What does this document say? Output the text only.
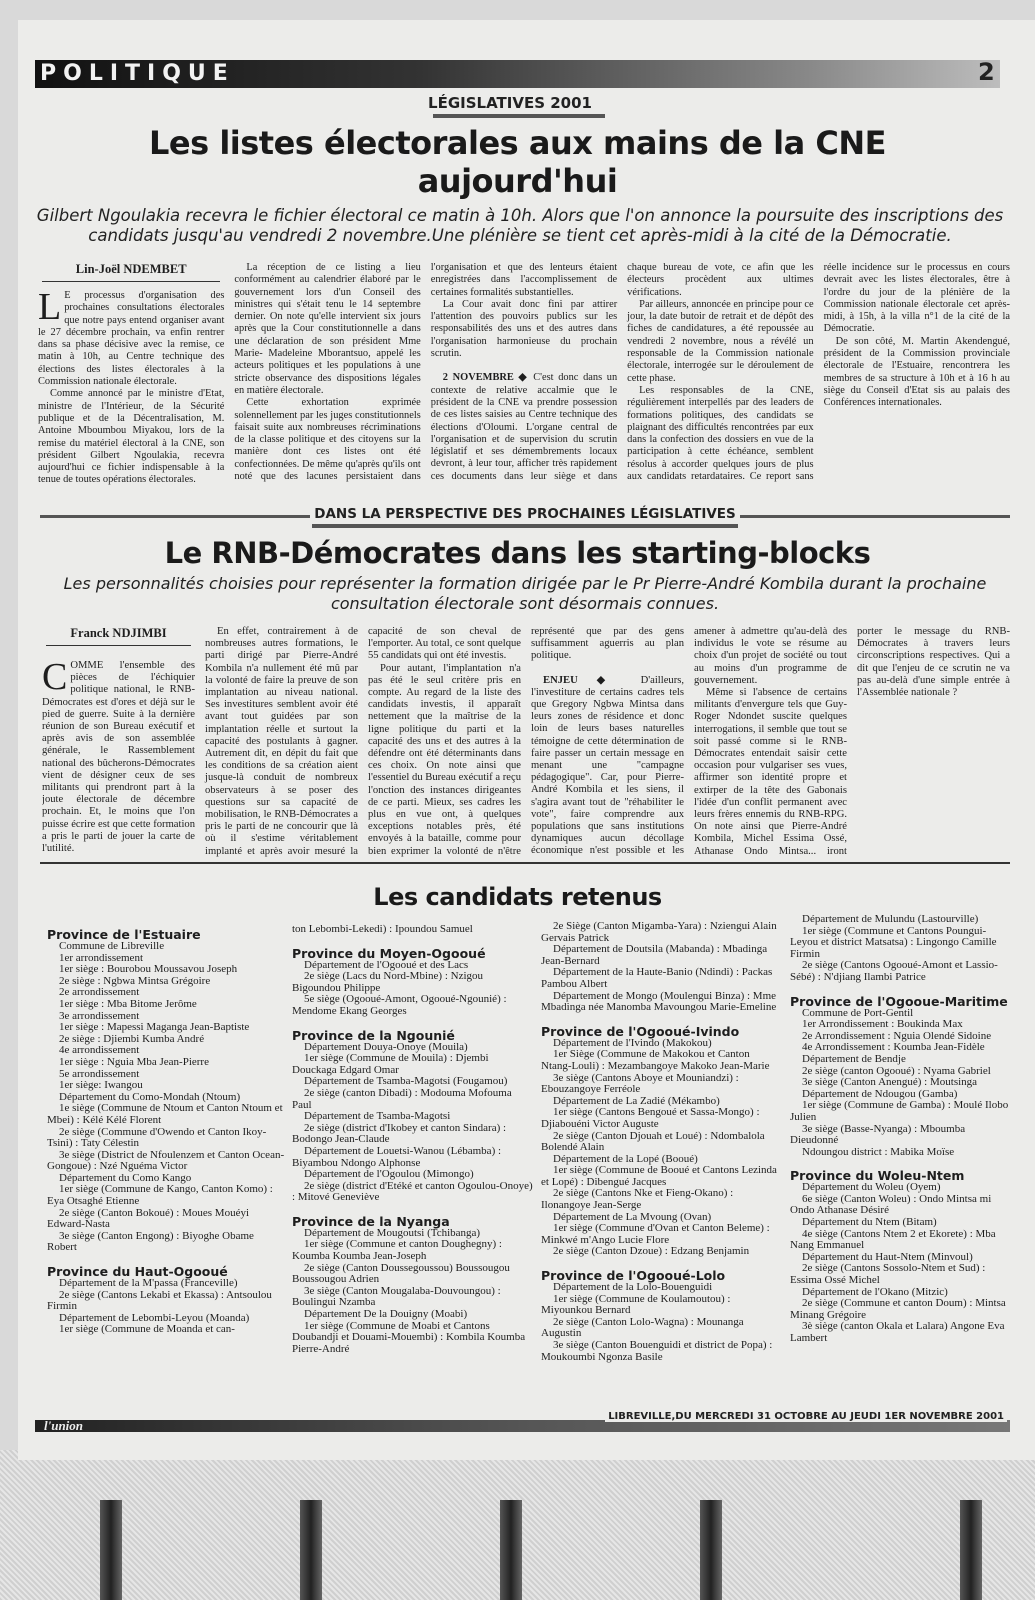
POLITIQUE	2
LÉGISLATIVES 2001
Les listes électorales aux mains de la CNE
aujourd'hui
Gilbert Ngoulakia recevra le fichier électoral ce matin à 10h. Alors que l'on annonce la poursuite des inscriptions des candidats jusqu'au vendredi 2 novembre.Une plénière se tient cet après-midi à la cité de la Démocratie.
Lin-Joël NDEMBET

L E processus d'organisation des prochaines consultations électorales que notre pays entend organiser avant le 27 décembre prochain, va enfin rentrer dans sa phase décisive avec la remise, ce matin à 10h, au Centre technique des élections des listes électorales à la Commission nationale électorale.

Comme annoncé par le ministre d'Etat, ministre de l'Intérieur, de la Sécurité publique et de la Décentralisation, M. Antoine Mboumbou Miyakou, lors de la remise du matériel électoral à la CNE, son président Gilbert Ngoulakia, recevra aujourd'hui ce fichier indispensable à la tenue de toutes opérations électorales.

La réception de ce listing a lieu conformément au calendrier élaboré par le gouvernement lors d'un Conseil des ministres qui s'était tenu le 14 septembre dernier. On note qu'elle intervient six jours après que la Cour constitutionnelle a dans une déclaration de son président Mme Marie- Madeleine Mborantsuo, appelé les acteurs politiques et les populations à une stricte observance des dispositions légales en matière électorale.

Cette exhortation exprimée solennellement par les juges constitutionnels faisait suite aux nombreuses récriminations de la classe politique et des citoyens sur la manière dont ces listes ont été confectionnées. De même qu'après qu'ils ont noté que des lacunes persistaient dans l'organisation et que des lenteurs étaient enregistrées dans l'accomplissement de certaines formalités substantielles.

La Cour avait donc fini par attirer l'attention des pouvoirs publics sur les responsabilités des uns et des autres dans l'organisation harmonieuse du prochain scrutin.

2 NOVEMBRE ◆ C'est donc dans un contexte de relative accalmie que le président de la CNE va prendre possession de ces listes saisies au Centre technique des élections d'Oloumi. L'organe central de l'organisation et de supervision du scrutin législatif et ses démembrements locaux devront, à leur tour, afficher très rapidement ces documents dans leur siège et dans chaque bureau de vote, ce afin que les électeurs procèdent aux ultimes vérifications.

Par ailleurs, annoncée en principe pour ce jour, la date butoir de retrait et de dépôt des fiches de candidatures, a été repoussée au vendredi 2 novembre, nous a révélé un responsable de la Commission nationale électorale, interrogée sur le déroulement de cette phase.

Les responsables de la CNE, régulièrement interpellés par des leaders de formations politiques, des candidats se plaignant des difficultés rencontrées par eux dans la confection des dossiers en vue de la participation à cette échéance, semblent résolus à accorder quelques jours de plus aux candidats retardataires. Ce report sans réelle incidence sur le processus en cours devrait avec les listes électorales, être à l'ordre du jour de la plénière de la Commission nationale électorale cet après-midi, à 15h, à la villa n°1 de la cité de la Démocratie.

De son côté, M. Martin Akendengué, président de la Commission provinciale électorale de l'Estuaire, rencontrera les membres de sa structure à 10h et à 16 h au siège du Conseil d'Etat sis au palais des Conférences internationales.

DANS LA PERSPECTIVE DES PROCHAINES LÉGISLATIVES
Le RNB-Démocrates dans les starting-blocks
Les personnalités choisies pour représenter la formation dirigée par le Pr Pierre-André Kombila durant la prochaine consultation électorale sont désormais connues.
Franck NDJIMBI

COMME l'ensemble des pièces de l'échiquier politique national, le RNB-Démocrates est d'ores et déjà sur le pied de guerre. Suite à la dernière réunion de son Bureau exécutif et après avis de son assemblée générale, le Rassemblement national des bûcherons-Démocrates vient de désigner ceux de ses militants qui prendront part à la joute électorale de décembre prochain. Et, le moins que l'on puisse écrire est que cette formation a pris le parti de jouer la carte de l'utilité.

En effet, contrairement à de nombreuses autres formations, le parti dirigé par Pierre-André Kombila n'a nullement été mû par la volonté de faire la preuve de son implantation au niveau national. Ses investitures semblent avoir été avant tout guidées par son implantation réelle et surtout la capacité des postulants à gagner. Autrement dit, en dépit du fait que les conditions de sa création aient jusque-là conduit de nombreux observateurs à se poser des questions sur sa capacité de mobilisation, le RNB-Démocrates a pris le parti de ne concourir que là où il s'estime véritablement implanté et après avoir mesuré la capacité de son cheval de l'emporter. Au total, ce sont quelque 55 candidats qui ont été investis.

Pour autant, l'implantation n'a pas été le seul critère pris en compte. Au regard de la liste des candidats investis, il apparaît nettement que la maîtrise de la ligne politique du parti et la capacité des uns et des autres à la défendre ont été déterminants dans ces choix. On note ainsi que l'essentiel du Bureau exécutif a reçu l'onction des instances dirigeantes de ce parti. Mieux, ses cadres les plus en vue ont, à quelques exceptions notables près, été envoyés à la bataille, comme pour bien exprimer la volonté de n'être représenté que par des gens suffisamment aguerris au plan politique.

ENJEU ◆ D'ailleurs, l'investiture de certains cadres tels que Gregory Ngbwa Mintsa dans leurs zones de résidence et donc loin de leurs bases naturelles témoigne de cette détermination de faire passer un certain message en menant une "campagne pédagogique". Car, pour Pierre-André Kombila et les siens, il s'agira avant tout de "réhabiliter le vote", faire comprendre aux populations que sans institutions dynamiques aucun décollage économique n'est possible et les amener à admettre qu'au-delà des individus le vote se résume au choix d'un projet de société ou tout au moins d'un programme de gouvernement.

Même si l'absence de certains militants d'envergure tels que Guy-Roger Ndondet suscite quelques interrogations, il semble que tout se soit passé comme si le RNB-Démocrates entendait saisir cette occasion pour vulgariser ses vues, affirmer son identité propre et extirper de la tête des Gabonais l'idée d'un conflit permanent avec leurs frères ennemis du RNB-RPG. On note ainsi que Pierre-André Kombila, Michel Essima Ossé, Athanase Ondo Mintsa... iront porter le message du RNB-Démocrates à travers leurs circonscriptions respectives. Qui a dit que l'enjeu de ce scrutin ne va pas au-delà d'une simple entrée à l'Assemblée nationale ?

Les candidats retenus
Province de l'Estuaire
Commune de Libreville
1er arrondissement
1er siège : Bourobou Moussavou Joseph
2e siège : Ngbwa Mintsa Grégoire
2e arrondissement
1er siège : Mba Bitome Jerôme
3e arrondissement
1er siège : Mapessi Maganga Jean-Baptiste
2e siège : Djiembi Kumba André
4e arrondissement
1er siège : Nguia Mba Jean-Pierre
5e arrondissement
1er siège: Iwangou
Département du Como-Mondah (Ntoum)
1e siège (Commune de Ntoum et Canton Ntoum et Mbei) : Kélé Kélé Florent
2e siège (Commune d'Owendo et Canton Ikoy-Tsini) : Taty Célestin
3e siège (District de Nfoulenzem et Canton Ocean-Gongoue) : Nzé Nguéma Victor
Département du Como Kango
1er siège (Commune de Kango, Canton Komo) : Eya Otsaghé Etienne
2e siège (Canton Bokoué) : Moues Mouéyi Edward-Nasta
3e siège (Canton Engong) : Biyoghe Obame Robert
Province du Haut-Ogooué
Département de la M'passa (Franceville)
2e siège (Cantons Lekabi et Ekassa) : Antsoulou Firmin
Département de Lebombi-Leyou (Moanda)
1er siège (Commune de Moanda et can-
ton Lebombi-Lekedi) : Ipoundou Samuel
Province du Moyen-Ogooué
Département de l'Ogooué et des Lacs
2e siège (Lacs du Nord-Mbine) : Nzigou Bigoundou Philippe
5e siège (Ogooué-Amont, Ogooué-Ngounié) : Mendome Ekang Georges
Province de la Ngounié
Département Douya-Onoye (Mouila)
1er siège (Commune de Mouila) : Djembi Douckaga Edgard Omar
Département de Tsamba-Magotsi (Fougamou)
2e siège (canton Dibadi) : Modouma Mofouma Paul
Département de Tsamba-Magotsi
2e siège (district d'Ikobey et canton Sindara) : Bodongo Jean-Claude
Département de Louetsi-Wanou (Lébamba) : Biyambou Ndongo Alphonse
Département de l'Ogoulou (Mimongo)
2e siège (district d'Etéké et canton Ogoulou-Onoye) : Mitové Geneviève
Province de la Nyanga
Département de Mougoutsi (Tchibanga)
1er siège (Commune et canton Doughegny) : Koumba Koumba Jean-Joseph
2e siège (Canton Doussegoussou) Boussougou Boussougou Adrien
3e siège (Canton Mougalaba-Douvoungou) : Boulingui Nzamba
Département De la Douigny (Moabi)
1er siège (Commune de Moabi et Cantons Doubandji et Douami-Mouembi) : Kombila Koumba Pierre-André
2e Siège (Canton Migamba-Yara) : Nziengui Alain Gervais Patrick
Département de Doutsila (Mabanda) : Mbadinga Jean-Bernard
Département de la Haute-Banio (Ndindi) : Packas Pambou Albert
Département de Mongo (Moulengui Binza) : Mme Mbadinga née Manomba Mavoungou Marie-Emeline
Province de l'Ogooué-Ivindo
Département de l'Ivindo (Makokou)
1er Siège (Commune de Makokou et Canton Ntang-Louli) : Mezambangoye Makoko Jean-Marie
3e siège (Cantons Aboye et Mouniandzi) : Ebouzangoye Ferréole
Département de La Zadié (Mékambo)
1er siège (Cantons Bengoué et Sassa-Mongo) : Djiabouéni Victor Auguste
2e siège (Canton Djouah et Loué) : Ndombalola Bolendé Alain
Département de la Lopé (Booué)
1er siège (Commune de Booué et Cantons Lezinda et Lopé) : Dibengué Jacques
2e siège (Cantons Nke et Fieng-Okano) : Ilonangoye Jean-Serge
Département de La Mvoung (Ovan)
1er siège (Commune d'Ovan et Canton Beleme) : Minkwé m'Ango Lucie Flore
2e siège (Canton Dzoue) : Edzang Benjamin
Province de l'Ogooué-Lolo
Département de la Lolo-Bouenguidi
1er siège (Commune de Koulamoutou) : Miyounkou Bernard
2e siège (Canton Lolo-Wagna) : Mounanga Augustin
3e siège (Canton Bouenguidi et district de Popa) : Moukoumbi Ngonza Basile
Département de Mulundu (Lastourville)
1er siège (Commune et Cantons Poungui-Leyou et district Matsatsa) : Lingongo Camille Firmin
2e siège (Cantons Ogooué-Amont et Lassio-Sébé) : N'djiang Ilambi Patrice
Province de l'Ogooue-Maritime
Commune de Port-Gentil
1er Arrondissement : Boukinda Max
2e Arrondissement : Nguia Olendé Sidoine
4e Arrondissement : Koumba Jean-Fidèle
Département de Bendje
2e siège (canton Ogooué) : Nyama Gabriel
3e siège (Canton Anengué) : Moutsinga
Département de Ndougou (Gamba)
1er siège (Commune de Gamba) : Moulé Ilobo Julien
3e siège (Basse-Nyanga) : Mboumba Dieudonné
Ndoungou district : Mabika Moïse
Province du Woleu-Ntem
Département du Woleu (Oyem)
6e siège (Canton Woleu) : Ondo Mintsa mi Ondo Athanase Désiré
Département du Ntem (Bitam)
4e siège (Cantons Ntem 2 et Ekorete) : Mba Nang Emmanuel
Département du Haut-Ntem (Minvoul)
2e siège (Cantons Sossolo-Ntem et Sud) : Essima Ossé Michel
Département de l'Okano (Mitzic)
2e siège (Commune et canton Doum) : Mintsa Minang Grégoire
3è siège (canton Okala et Lalara) Angone Eva Lambert
l'union
LIBREVILLE,DU MERCREDI 31 OCTOBRE AU JEUDI 1ER NOVEMBRE 2001
